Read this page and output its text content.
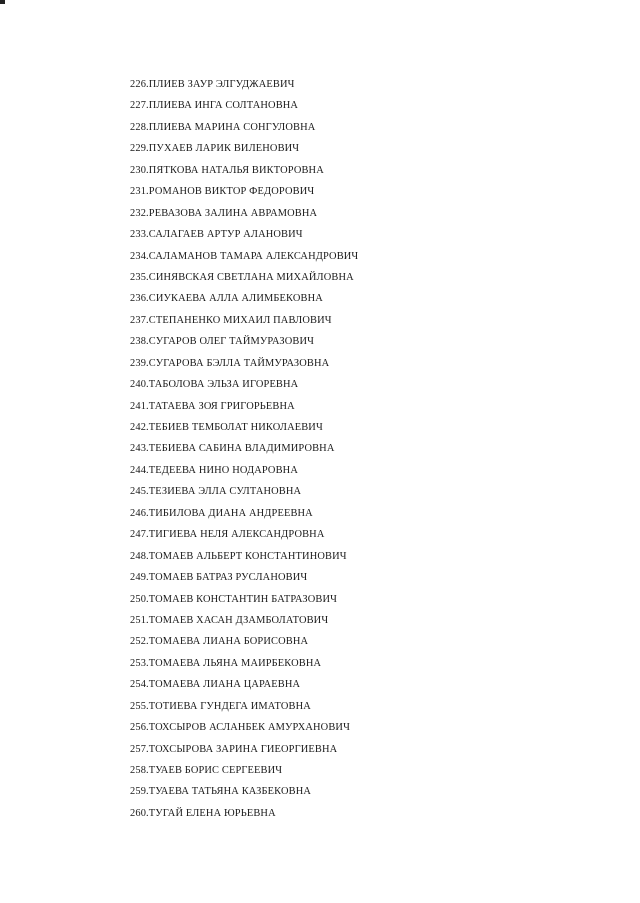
226.ПЛИЕВ ЗАУР ЭЛГУДЖАЕВИЧ
227.ПЛИЕВА ИНГА СОЛТАНОВНА
228.ПЛИЕВА МАРИНА СОНГУЛОВНА
229.ПУХАЕВ ЛАРИК ВИЛЕНОВИЧ
230.ПЯТКОВА НАТАЛЬЯ ВИКТОРОВНА
231.РОМАНОВ ВИКТОР ФЕДОРОВИЧ
232.РЕВАЗОВА ЗАЛИНА АВРАМОВНА
233.САЛАГАЕВ АРТУР АЛАНОВИЧ
234.САЛАМАНОВ ТАМАРА АЛЕКСАНДРОВИЧ
235.СИНЯВСКАЯ СВЕТЛАНА МИХАЙЛОВНА
236.СИУКАЕВА АЛЛА АЛИМБЕКОВНА
237.СТЕПАНЕНКО МИХАИЛ ПАВЛОВИЧ
238.СУГАРОВ ОЛЕГ ТАЙМУРАЗОВИЧ
239.СУГАРОВА БЭЛЛА ТАЙМУРАЗОВНА
240.ТАБОЛОВА ЭЛЬЗА ИГОРЕВНА
241.ТАТАЕВА ЗОЯ ГРИГОРЬЕВНА
242.ТЕБИЕВ ТЕМБОЛАТ НИКОЛАЕВИЧ
243.ТЕБИЕВА САБИНА ВЛАДИМИРОВНА
244.ТЕДЕЕВА НИНО НОДАРОВНА
245.ТЕЗИЕВА ЭЛЛА СУЛТАНОВНА
246.ТИБИЛОВА ДИАНА АНДРЕЕВНА
247.ТИГИЕВА НЕЛЯ АЛЕКСАНДРОВНА
248.ТОМАЕВ АЛЬБЕРТ КОНСТАНТИНОВИЧ
249.ТОМАЕВ БАТРАЗ РУСЛАНОВИЧ
250.ТОМАЕВ КОНСТАНТИН БАТРАЗОВИЧ
251.ТОМАЕВ ХАСАН ДЗАМБОЛАТОВИЧ
252.ТОМАЕВА ЛИАНА БОРИСОВНА
253.ТОМАЕВА ЛЬЯНА МАИРБЕКОВНА
254.ТОМАЕВА ЛИАНА ЦАРАЕВНА
255.ТОТИЕВА ГУНДЕГА ИМАТОВНА
256.ТОХСЫРОВ АСЛАНБЕК АМУРХАНОВИЧ
257.ТОХСЫРОВА ЗАРИНА ГИЕОРГИЕВНА
258.ТУАЕВ БОРИС СЕРГЕЕВИЧ
259.ТУАЕВА ТАТЬЯНА КАЗБЕКОВНА
260.ТУГАЙ ЕЛЕНА ЮРЬЕВНА
